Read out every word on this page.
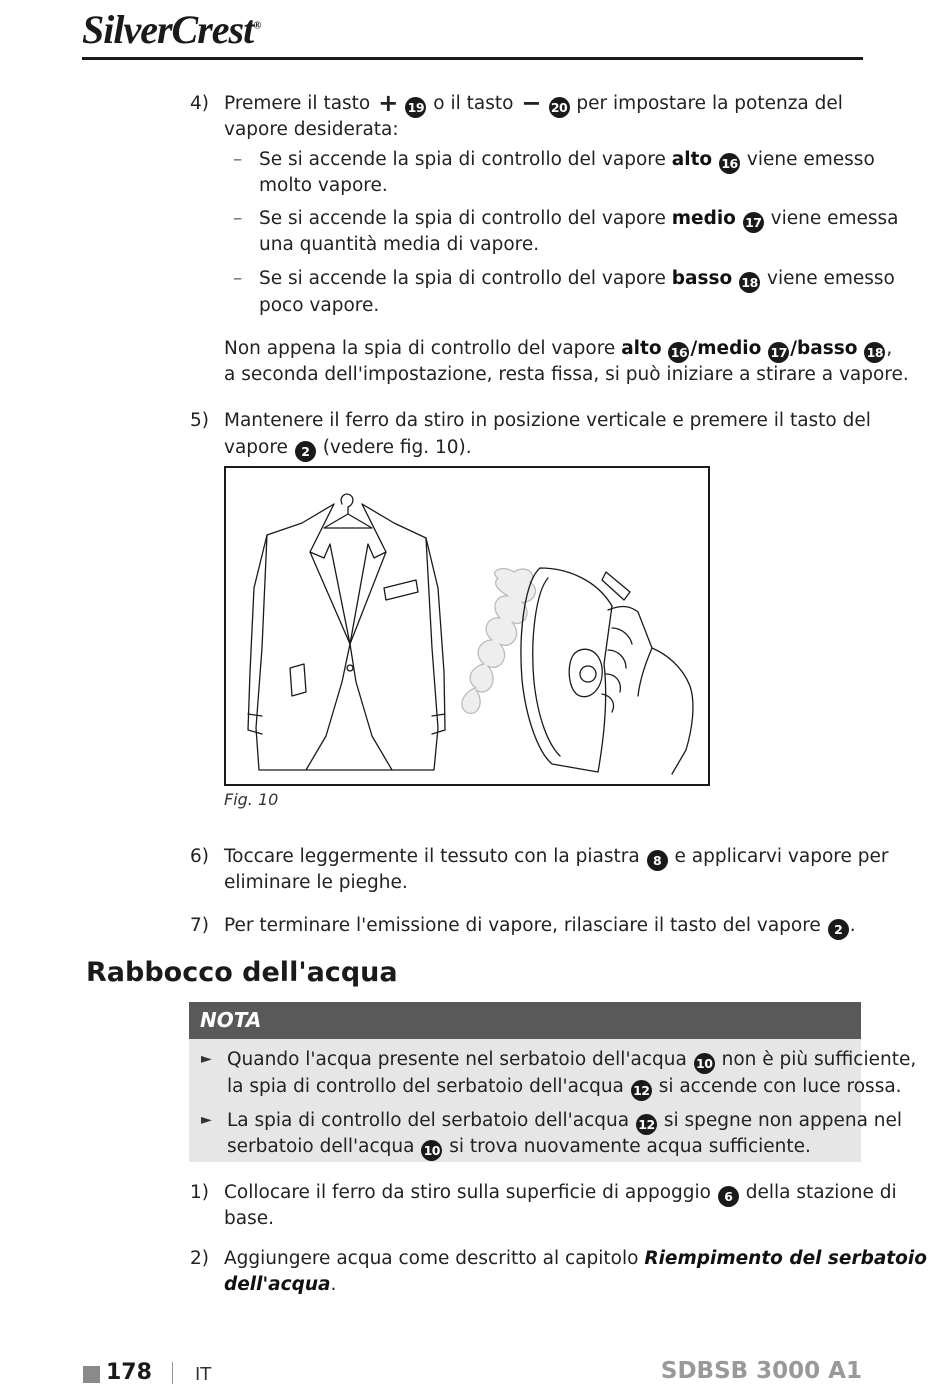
SilverCrest®
4) Premere il tasto + 19 o il tasto − 20 per impostare la potenza del
vapore desiderata:
– Se si accende la spia di controllo del vapore alto 16 viene emesso
molto vapore.
– Se si accende la spia di controllo del vapore medio 17 viene emessa
una quantità media di vapore.
– Se si accende la spia di controllo del vapore basso 18 viene emesso
poco vapore.
Non appena la spia di controllo del vapore alto 16 /medio 17 /basso 18 ,
a seconda dell'impostazione, resta fissa, si può iniziare a stirare a vapore.
5) Mantenere il ferro da stiro in posizione verticale e premere il tasto del
vapore 2 (vedere fig. 10).
Fig. 10
6) Toccare leggermente il tessuto con la piastra 8 e applicarvi vapore per
eliminare le pieghe.
7) Per terminare l'emissione di vapore, rilasciare il tasto del vapore 2 .
Rabbocco dell'acqua
NOTA
► Quando l'acqua presente nel serbatoio dell'acqua 10 non è più sufficiente,
la spia di controllo del serbatoio dell'acqua 12 si accende con luce rossa.
► La spia di controllo del serbatoio dell'acqua 12 si spegne non appena nel
serbatoio dell'acqua 10 si trova nuovamente acqua sufficiente.
1) Collocare il ferro da stiro sulla superficie di appoggio 6 della stazione di
base.
2) Aggiungere acqua come descritto al capitolo Riempimento del serbatoio
dell'acqua.
178 IT	SDBSB 3000 A1
